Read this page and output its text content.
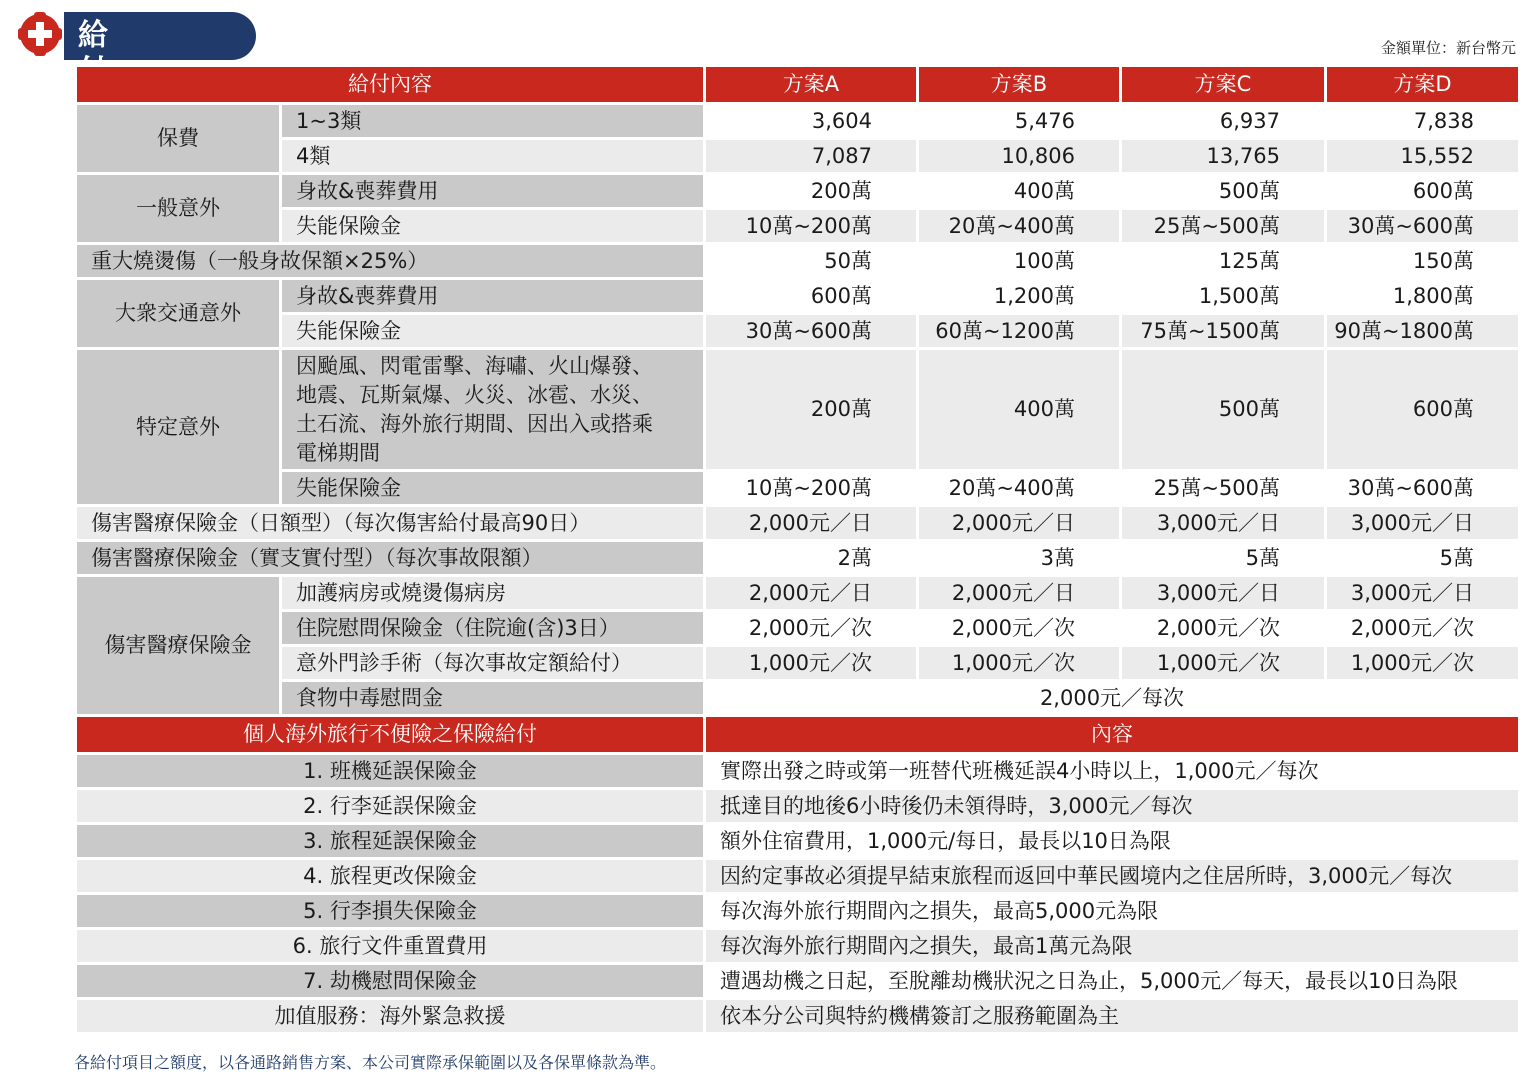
給	金額單位：新台幣元
給付內容		方案A	方案B	方案C	方案D
保費	1~3類	3,604	5,476	6,937	7,838
	4類	7,087	10,806	13,765	15,552
一般意外	身故&喪葬費用	200萬	400萬	500萬	600萬
	失能保險金	10萬~200萬	20萬~400萬	25萬~500萬	30萬~600萬
重大燒燙傷（一般身故保額×25%）		50萬	100萬	125萬	150萬
大衆交通意外	身故&喪葬費用	600萬	1,200萬	1,500萬	1,800萬
	失能保險金	30萬~600萬	60萬~1200萬	75萬~1500萬	90萬~1800萬
特定意外	因颱風、閃電雷擊、海嘯、火山爆發、
地震、瓦斯氣爆、火災、冰雹、水災、
土石流、海外旅行期間、因出入或搭乘
電梯期間	200萬	400萬	500萬	600萬
	失能保險金	10萬~200萬	20萬~400萬	25萬~500萬	30萬~600萬
傷害醫療保險金（日額型）（每次傷害給付最高90日）		2,000元／日	2,000元／日	3,000元／日	3,000元／日
傷害醫療保險金（實支實付型）（每次事故限額）		2萬	3萬	5萬	5萬
傷害醫療保險金	加護病房或燒燙傷病房	2,000元／日	2,000元／日	3,000元／日	3,000元／日
	住院慰問保險金（住院逾(含)3日）	2,000元／次	2,000元／次	2,000元／次	2,000元／次
	意外門診手術（每次事故定額給付）	1,000元／次	1,000元／次	1,000元／次	1,000元／次
	食物中毒慰問金	2,000元／每次			
個人海外旅行不便險之保險給付		內容			
1. 班機延誤保險金		實際出發之時或第一班替代班機延誤4小時以上，1,000元／每次			
2. 行李延誤保險金		抵達目的地後6小時後仍未領得時，3,000元／每次			
3. 旅程延誤保險金		額外住宿費用，1,000元/每日，最長以10日為限			
4. 旅程更改保險金		因約定事故必須提早結束旅程而返回中華民國境内之住居所時，3,000元／每次			
5. 行李損失保險金		每次海外旅行期間內之損失，最高5,000元為限			
6. 旅行文件重置費用		每次海外旅行期間內之損失，最高1萬元為限			
7. 劫機慰問保險金		遭遇劫機之日起，至脫離劫機狀況之日為止，5,000元／每天，最長以10日為限			
加值服務：海外緊急救援		依本分公司與特約機構簽訂之服務範圍為主			
各給付項目之額度，以各通路銷售方案、本公司實際承保範圍以及各保單條款為準。
